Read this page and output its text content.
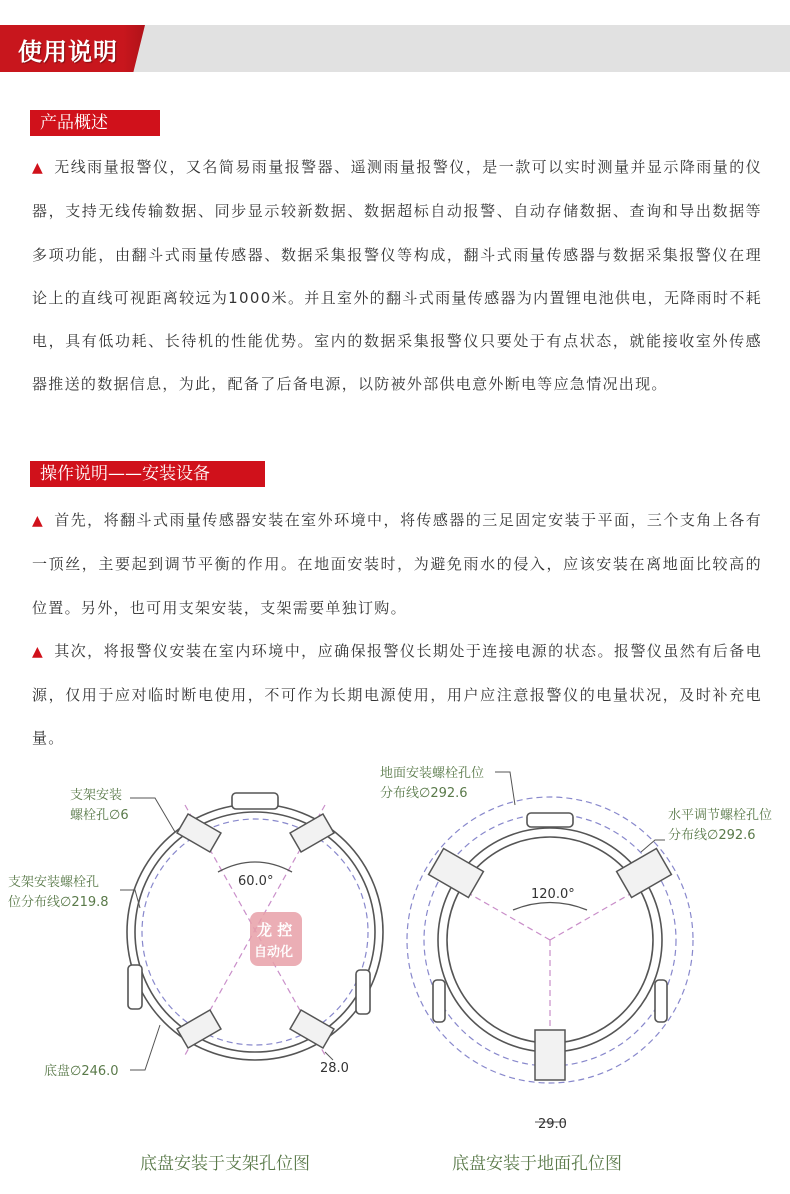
使用说明
产品概述

▲ 无线雨量报警仪，又名简易雨量报警器、遥测雨量报警仪，是一款可以实时测量并显示降雨量的仪器，支持无线传输数据、同步显示较新数据、数据超标自动报警、自动存储数据、查询和导出数据等多项功能，由翻斗式雨量传感器、数据采集报警仪等构成，翻斗式雨量传感器与数据采集报警仪在理论上的直线可视距离较远为1000米。并且室外的翻斗式雨量传感器为内置锂电池供电，无降雨时不耗电，具有低功耗、长待机的性能优势。室内的数据采集报警仪只要处于有点状态，就能接收室外传感器推送的数据信息，为此，配备了后备电源，以防被外部供电意外断电等应急情况出现。

操作说明——安装设备

▲ 首先，将翻斗式雨量传感器安装在室外环境中，将传感器的三足固定安装于平面，三个支角上各有一顶丝，主要起到调节平衡的作用。在地面安装时，为避免雨水的侵入，应该安装在离地面比较高的位置。另外，也可用支架安装，支架需要单独订购。

▲ 其次，将报警仪安装在室内环境中，应确保报警仪长期处于连接电源的状态。报警仪虽然有后备电源，仅用于应对临时断电使用，不可作为长期电源使用，用户应注意报警仪的电量状况，及时补充电量。

支架安装
螺栓孔∅6
支架安装螺栓孔
位分布线∅219.8
底盘∅246.0
60.0°
28.0
龙 控
自动化
地面安装螺栓孔位
分布线∅292.6
水平调节螺栓孔位
分布线∅292.6
120.0°
29.0
底盘安装于支架孔位图	底盘安装于地面孔位图
